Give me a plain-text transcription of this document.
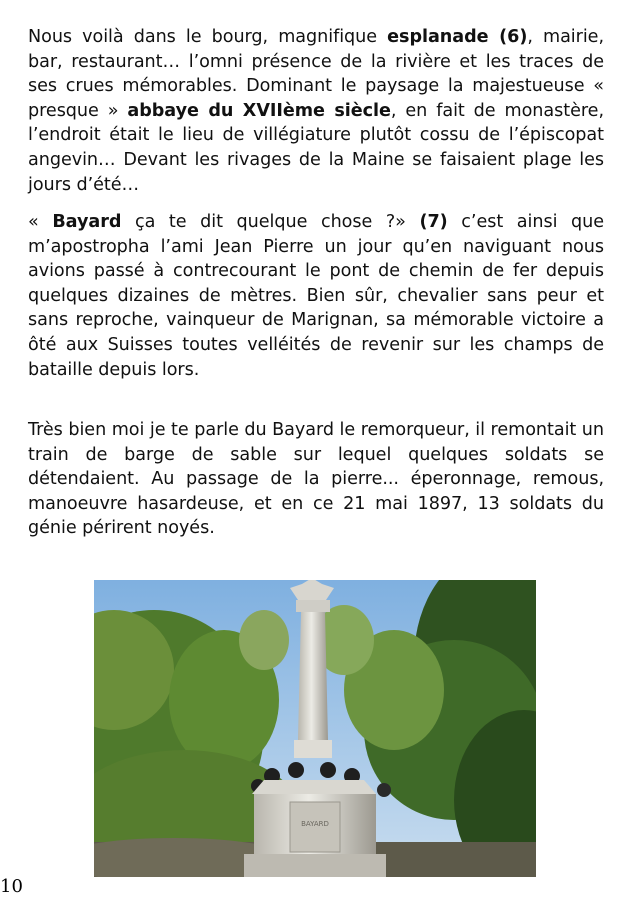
Nous voilà dans le bourg, magnifique esplanade (6), mairie, bar, restaurant… l’omni présence de la rivière et les traces de ses crues mémorables. Dominant le paysage la majestueuse « presque » abbaye du XVIIème siècle, en fait de monastère, l’endroit était le lieu de villégiature plutôt cossu de l’épiscopat angevin… Devant les rivages de la Maine se faisaient plage les jours d’été…

« Bayard ça te dit quelque chose ?» (7) c’est ainsi que m’apostropha l’ami Jean Pierre un jour qu’en naviguant nous avions passé à contrecourant le pont de chemin de fer depuis quelques dizaines de mètres. Bien sûr, chevalier sans peur et sans reproche, vainqueur de Marignan, sa mémorable victoire a ôté aux Suisses toutes velléités de revenir sur les champs de bataille depuis lors.

Très bien moi je te parle du Bayard le remorqueur, il remontait un train de barge de sable sur lequel quelques soldats se détendaient. Au passage de la pierre... éperonnage, remous, manoeuvre hasardeuse, et en ce 21 mai 1897, 13 soldats du génie périrent noyés.

BAYARD
10
